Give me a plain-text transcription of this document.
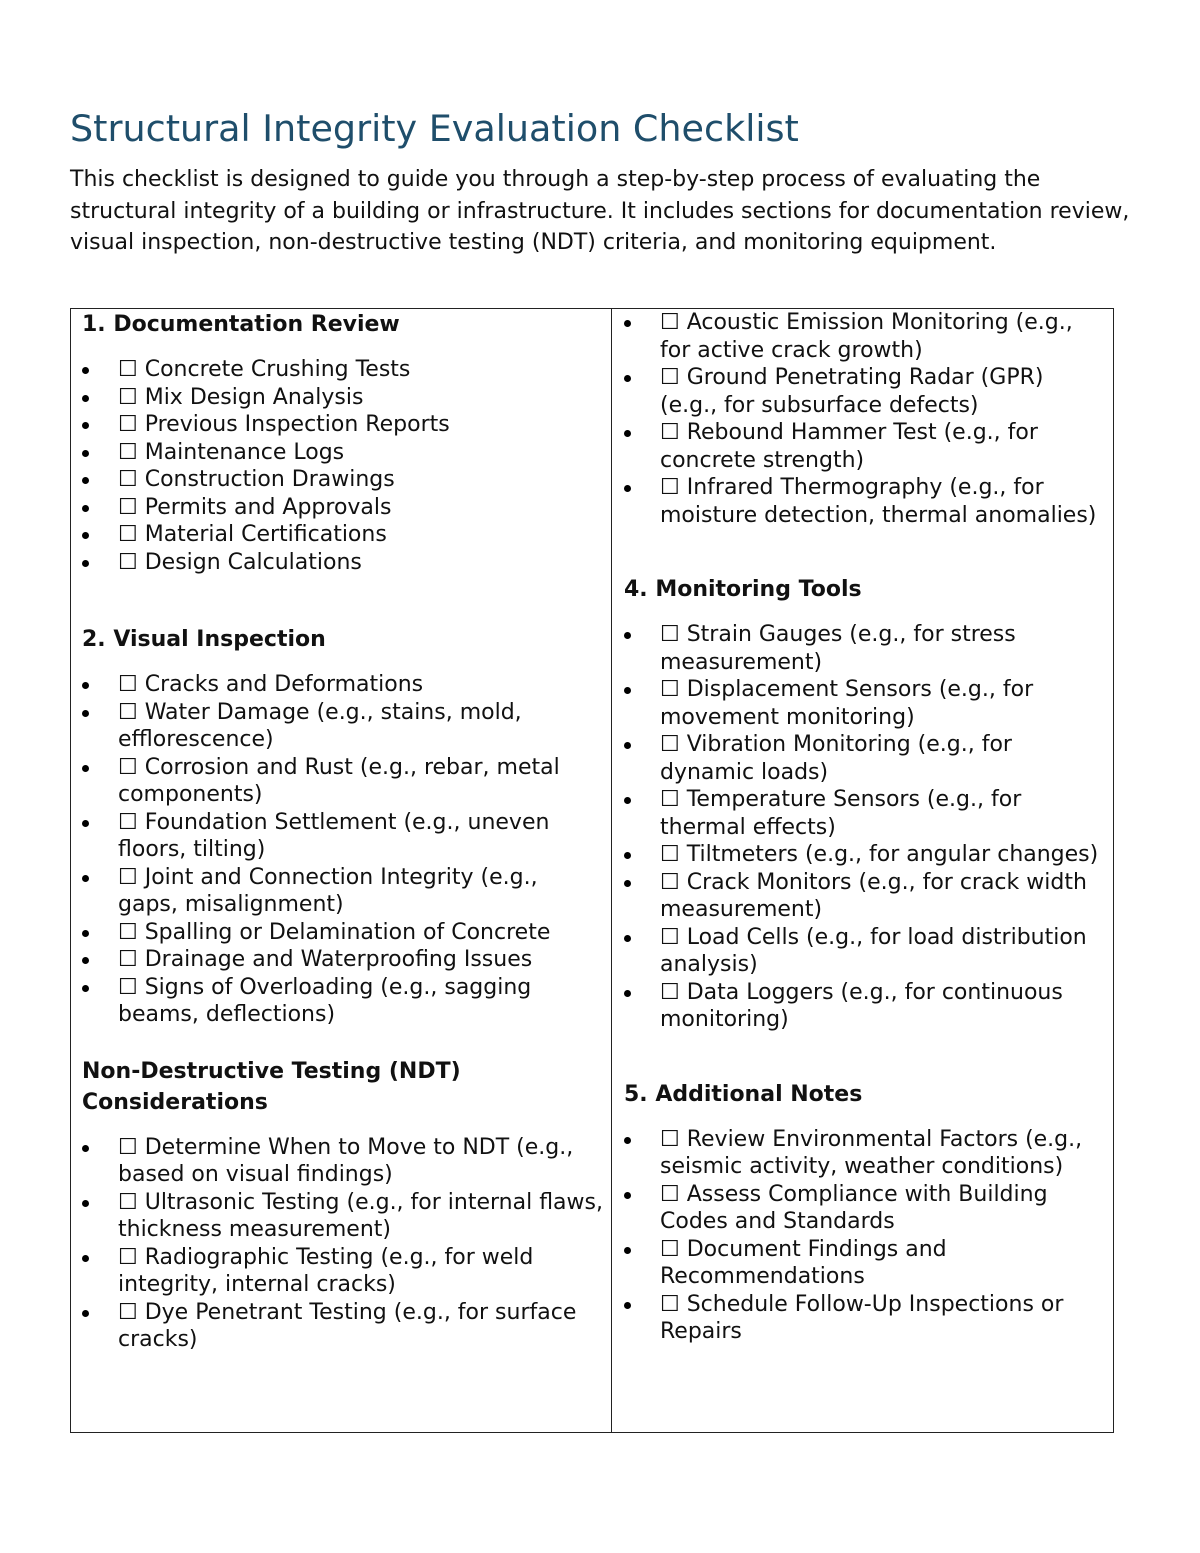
Structural Integrity Evaluation Checklist

This checklist is designed to guide you through a step-by-step process of evaluating the structural integrity of a building or infrastructure. It includes sections for documentation review, visual inspection, non-destructive testing (NDT) criteria, and monitoring equipment.

1. Documentation Review
☐ Concrete Crushing Tests
☐ Mix Design Analysis
☐ Previous Inspection Reports
☐ Maintenance Logs
☐ Construction Drawings
☐ Permits and Approvals
☐ Material Certifications
☐ Design Calculations
2. Visual Inspection
☐ Cracks and Deformations
☐ Water Damage (e.g., stains, mold, efflorescence)
☐ Corrosion and Rust (e.g., rebar, metal components)
☐ Foundation Settlement (e.g., uneven floors, tilting)
☐ Joint and Connection Integrity (e.g., gaps, misalignment)
☐ Spalling or Delamination of Concrete
☐ Drainage and Waterproofing Issues
☐ Signs of Overloading (e.g., sagging beams, deflections)
Non-Destructive Testing (NDT) Considerations
☐ Determine When to Move to NDT (e.g., based on visual findings)
☐ Ultrasonic Testing (e.g., for internal flaws, thickness measurement)
☐ Radiographic Testing (e.g., for weld integrity, internal cracks)
☐ Dye Penetrant Testing (e.g., for surface cracks)
☐ Acoustic Emission Monitoring (e.g., for active crack growth)
☐ Ground Penetrating Radar (GPR) (e.g., for subsurface defects)
☐ Rebound Hammer Test (e.g., for concrete strength)
☐ Infrared Thermography (e.g., for moisture detection, thermal anomalies)
4. Monitoring Tools
☐ Strain Gauges (e.g., for stress measurement)
☐ Displacement Sensors (e.g., for movement monitoring)
☐ Vibration Monitoring (e.g., for dynamic loads)
☐ Temperature Sensors (e.g., for thermal effects)
☐ Tiltmeters (e.g., for angular changes)
☐ Crack Monitors (e.g., for crack width measurement)
☐ Load Cells (e.g., for load distribution analysis)
☐ Data Loggers (e.g., for continuous monitoring)
5. Additional Notes
☐ Review Environmental Factors (e.g., seismic activity, weather conditions)
☐ Assess Compliance with Building Codes and Standards
☐ Document Findings and Recommendations
☐ Schedule Follow-Up Inspections or Repairs
